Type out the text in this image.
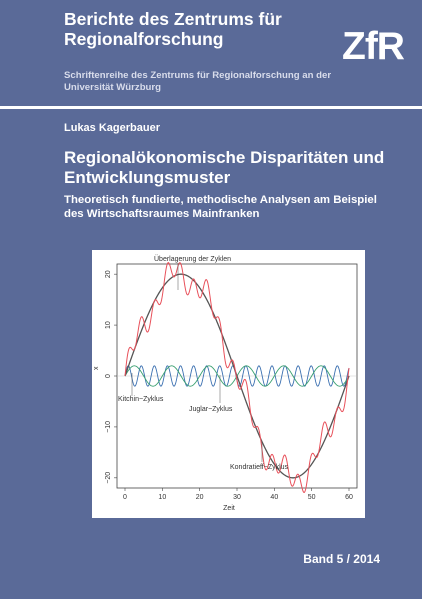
Berichte des Zentrums für Regionalforschung
Schriftenreihe des Zentrums für Regionalforschung an der Universität Würzburg
ZfR
Lukas Kagerbauer
Regionalökonomische Disparitäten und Entwicklungsmuster
Theoretisch fundierte, methodische Analysen am Beispiel des Wirtschaftsraumes Mainfranken
20
10
0
−10
−20
0	10	20	30	40	50	60
x
Zeit
Überlagerung der Zyklen
Kitchin−Zyklus
Juglar−Zyklus
Kondratieff−Zyklus
Band 5 / 2014
